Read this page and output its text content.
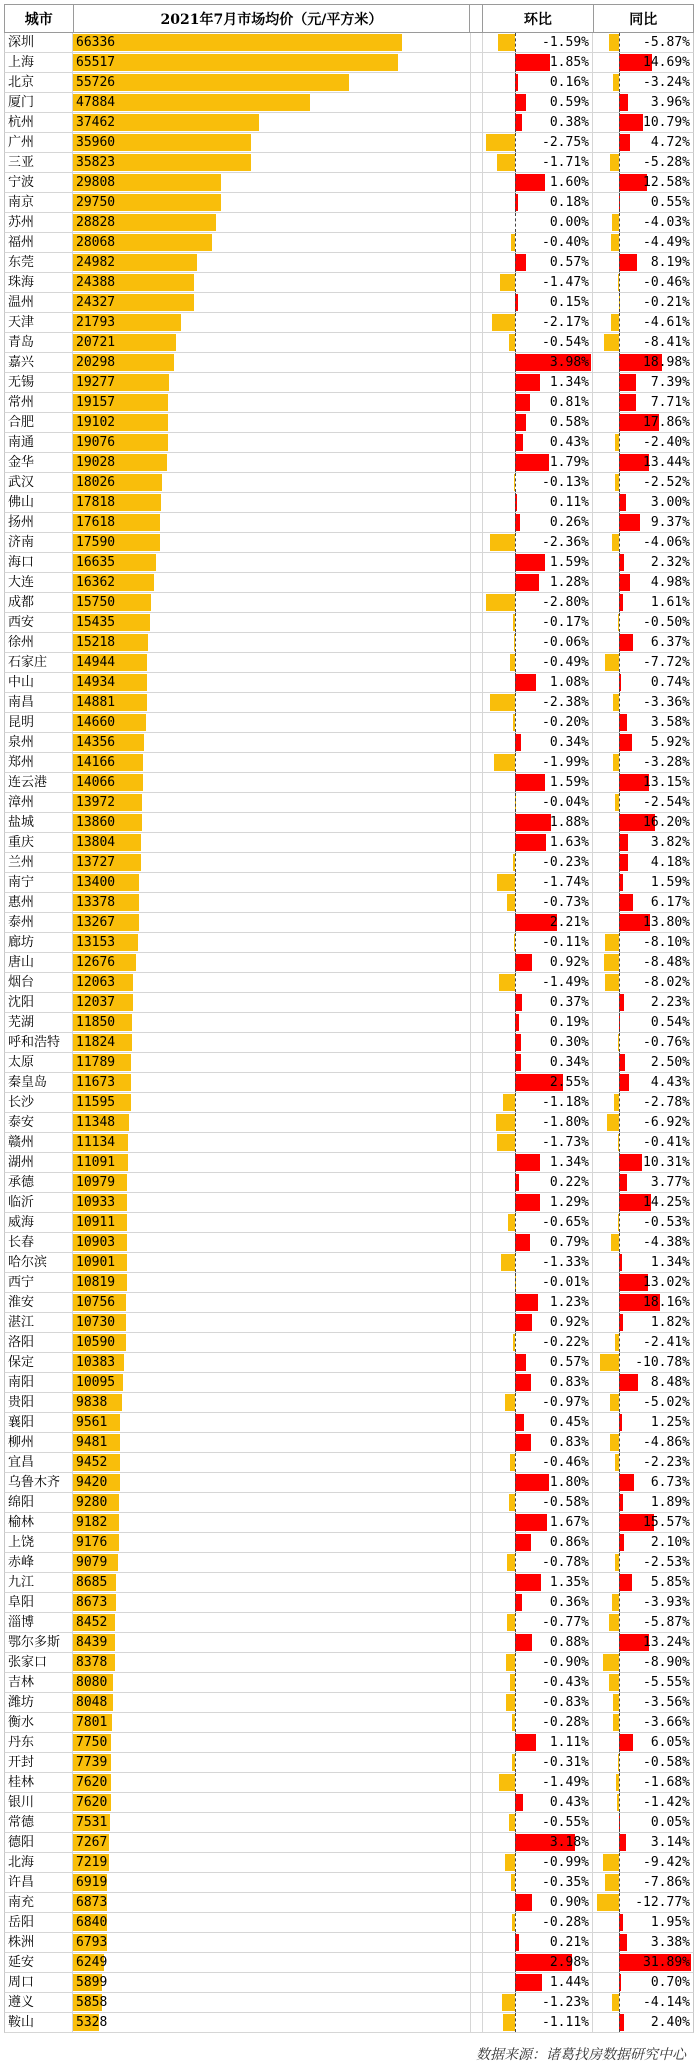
城市	2021年7月市场均价（元/平方米）	环比	同比
深圳	66336	-1.59%	-5.87%
上海	65517	1.85%	14.69%
北京	55726	0.16%	-3.24%
厦门	47884	0.59%	3.96%
杭州	37462	0.38%	10.79%
广州	35960	-2.75%	4.72%
三亚	35823	-1.71%	-5.28%
宁波	29808	1.60%	12.58%
南京	29750	0.18%	0.55%
苏州	28828	0.00%	-4.03%
福州	28068	-0.40%	-4.49%
东莞	24982	0.57%	8.19%
珠海	24388	-1.47%	-0.46%
温州	24327	0.15%	-0.21%
天津	21793	-2.17%	-4.61%
青岛	20721	-0.54%	-8.41%
嘉兴	20298	3.98%	18.98%
无锡	19277	1.34%	7.39%
常州	19157	0.81%	7.71%
合肥	19102	0.58%	17.86%
南通	19076	0.43%	-2.40%
金华	19028	1.79%	13.44%
武汉	18026	-0.13%	-2.52%
佛山	17818	0.11%	3.00%
扬州	17618	0.26%	9.37%
济南	17590	-2.36%	-4.06%
海口	16635	1.59%	2.32%
大连	16362	1.28%	4.98%
成都	15750	-2.80%	1.61%
西安	15435	-0.17%	-0.50%
徐州	15218	-0.06%	6.37%
石家庄	14944	-0.49%	-7.72%
中山	14934	1.08%	0.74%
南昌	14881	-2.38%	-3.36%
昆明	14660	-0.20%	3.58%
泉州	14356	0.34%	5.92%
郑州	14166	-1.99%	-3.28%
连云港	14066	1.59%	13.15%
漳州	13972	-0.04%	-2.54%
盐城	13860	1.88%	16.20%
重庆	13804	1.63%	3.82%
兰州	13727	-0.23%	4.18%
南宁	13400	-1.74%	1.59%
惠州	13378	-0.73%	6.17%
泰州	13267	2.21%	13.80%
廊坊	13153	-0.11%	-8.10%
唐山	12676	0.92%	-8.48%
烟台	12063	-1.49%	-8.02%
沈阳	12037	0.37%	2.23%
芜湖	11850	0.19%	0.54%
呼和浩特	11824	0.30%	-0.76%
太原	11789	0.34%	2.50%
秦皇岛	11673	2.55%	4.43%
长沙	11595	-1.18%	-2.78%
泰安	11348	-1.80%	-6.92%
赣州	11134	-1.73%	-0.41%
湖州	11091	1.34%	10.31%
承德	10979	0.22%	3.77%
临沂	10933	1.29%	14.25%
威海	10911	-0.65%	-0.53%
长春	10903	0.79%	-4.38%
哈尔滨	10901	-1.33%	1.34%
西宁	10819	-0.01%	13.02%
淮安	10756	1.23%	18.16%
湛江	10730	0.92%	1.82%
洛阳	10590	-0.22%	-2.41%
保定	10383	0.57%	-10.78%
南阳	10095	0.83%	8.48%
贵阳	9838	-0.97%	-5.02%
襄阳	9561	0.45%	1.25%
柳州	9481	0.83%	-4.86%
宜昌	9452	-0.46%	-2.23%
乌鲁木齐	9420	1.80%	6.73%
绵阳	9280	-0.58%	1.89%
榆林	9182	1.67%	15.57%
上饶	9176	0.86%	2.10%
赤峰	9079	-0.78%	-2.53%
九江	8685	1.35%	5.85%
阜阳	8673	0.36%	-3.93%
淄博	8452	-0.77%	-5.87%
鄂尔多斯	8439	0.88%	13.24%
张家口	8378	-0.90%	-8.90%
吉林	8080	-0.43%	-5.55%
潍坊	8048	-0.83%	-3.56%
衡水	7801	-0.28%	-3.66%
丹东	7750	1.11%	6.05%
开封	7739	-0.31%	-0.58%
桂林	7620	-1.49%	-1.68%
银川	7620	0.43%	-1.42%
常德	7531	-0.55%	0.05%
德阳	7267	3.18%	3.14%
北海	7219	-0.99%	-9.42%
许昌	6919	-0.35%	-7.86%
南充	6873	0.90%	-12.77%
岳阳	6840	-0.28%	1.95%
株洲	6793	0.21%	3.38%
延安	6249	2.98%	31.89%
周口	5899	1.44%	0.70%
遵义	5858	-1.23%	-4.14%
鞍山	5328	-1.11%	2.40%
数据来源：诸葛找房数据研究中心
